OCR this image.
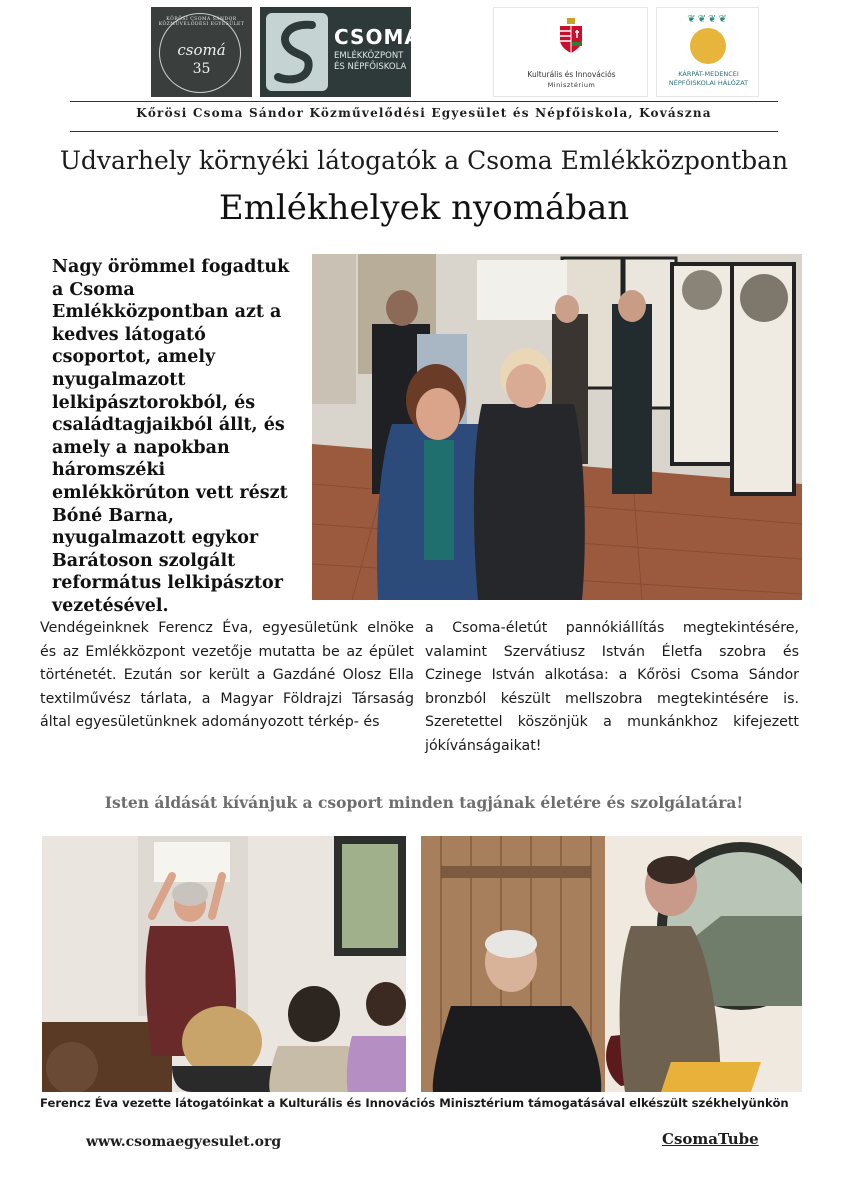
KŐRÖSI CSOMA SÁNDOR KÖZMŰVELŐDÉSI EGYESÜLET
csomá
35
CSOMA
EMLÉKKÖZPONT
ÉS NÉPFŐISKOLA
Kulturális és Innovációs
Minisztérium
❦❦❦❦
KÁRPÁT-MEDENCEI
NÉPFŐISKOLAI HÁLÓZAT
Kőrösi Csoma Sándor Közművelődési Egyesület és Népfőiskola, Kovászna
Udvarhely környéki látogatók a Csoma Emlékközpontban
Emlékhelyek nyomában
Nagy örömmel fogadtuk a Csoma Emlékközpontban azt a kedves látogató csoportot, amely nyugalmazott lelkipásztorokból, és családtagjaikból állt, és amely a napokban háromszéki emlékkörúton vett részt Bóné Barna, nyugalmazott egykor Barátoson szolgált református lelkipásztor vezetésével.
Vendégeinknek Ferencz Éva, egyesületünk elnöke és az Emlékközpont vezetője mutatta be az épület történetét. Ezután sor került a Gazdáné Olosz Ella textilművész tárlata, a Magyar Földrajzi Társaság által egyesületünknek adományozott térkép- és
a Csoma-életút pannókiállítás megtekintésére, valamint Szervátiusz István Életfa szobra és Czinege István alkotása: a Kőrösi Csoma Sándor bronzból készült mellszobra megtekintésére is. Szeretettel köszönjük a munkánkhoz kifejezett jókívánságaikat!
Isten áldását kívánjuk a csoport minden tagjának életére és szolgálatára!
Ferencz Éva vezette látogatóinkat a Kulturális és Innovációs Minisztérium támogatásával elkészült székhelyünkön
www.csomaegyesulet.org	CsomaTube
